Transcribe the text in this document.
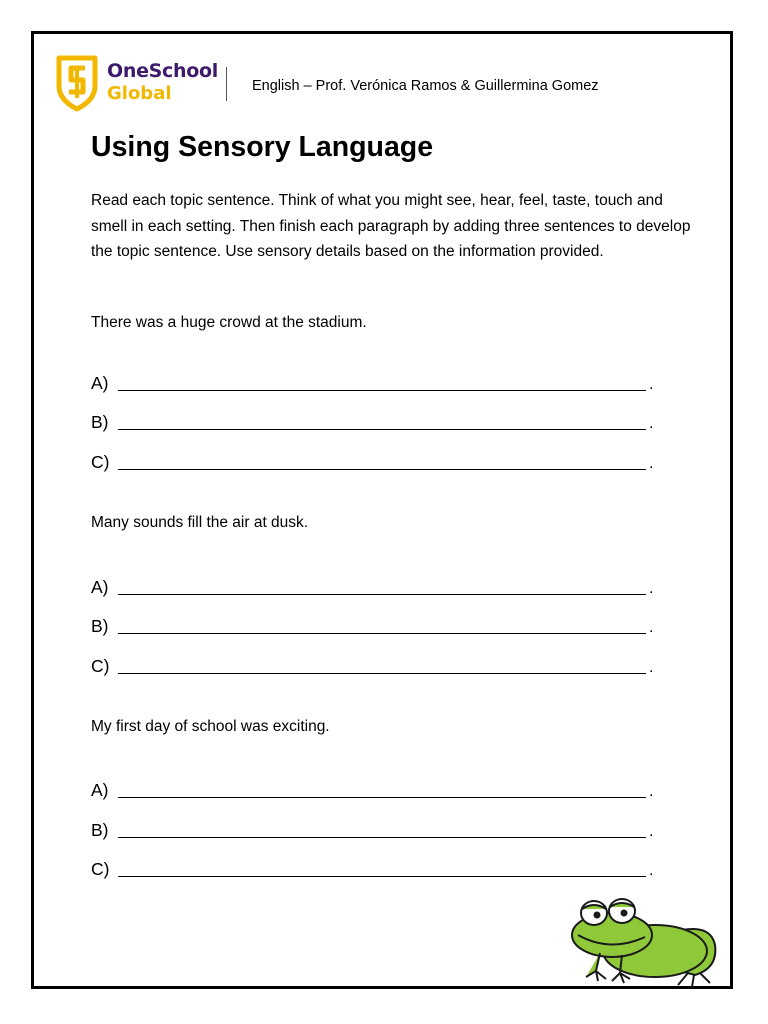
OneSchool
Global	English – Prof. Verónica Ramos & Guillermina Gomez
Using Sensory Language

Read each topic sentence. Think of what you might see, hear, feel, taste, touch and smell in each setting. Then finish each paragraph by adding three sentences to develop the topic sentence. Use sensory details based on the information provided.

There was a huge crowd at the stadium.

A)	.
B)	.
C)	.

Many sounds fill the air at dusk.

A)	.
B)	.
C)	.

My first day of school was exciting.

A)	.
B)	.
C)	.
